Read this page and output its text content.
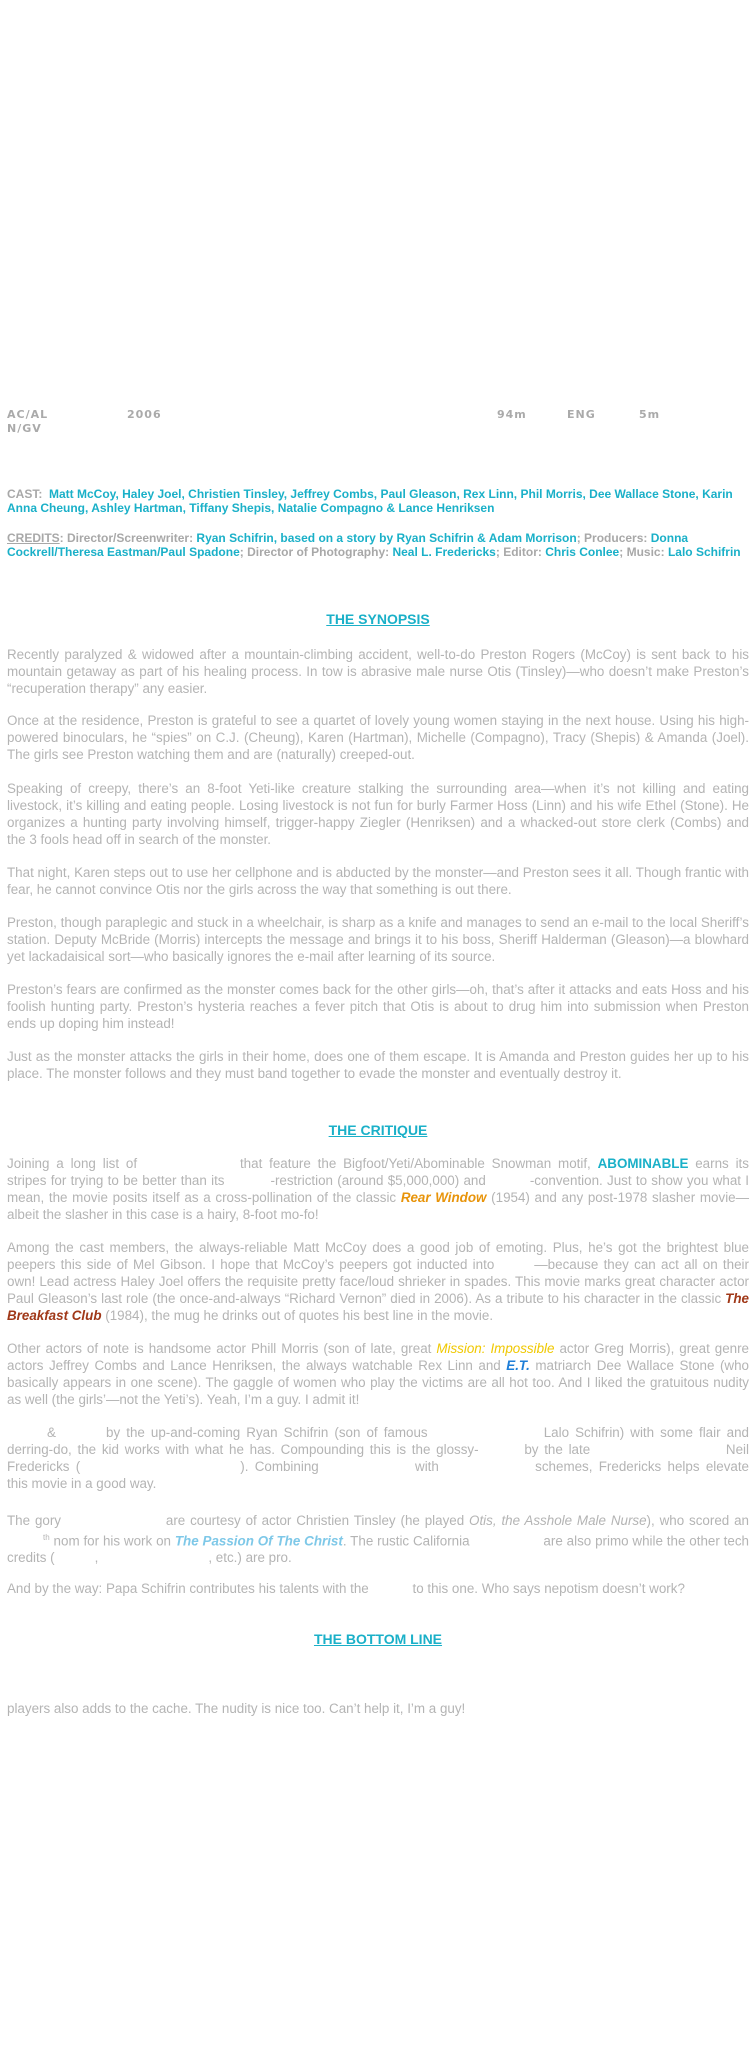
AC/AL
N/GV
2006	94m	ENG	5m
CAST: Matt McCoy, Haley Joel, Christien Tinsley, Jeffrey Combs, Paul Gleason, Rex Linn, Phil Morris, Dee Wallace Stone, Karin Anna Cheung, Ashley Hartman, Tiffany Shepis, Natalie Compagno & Lance Henriksen
CREDITS: Director/Screenwriter: Ryan Schifrin, based on a story by Ryan Schifrin & Adam Morrison; Producers: Donna Cockrell/Theresa Eastman/Paul Spadone; Director of Photography: Neal L. Fredericks; Editor: Chris Conlee; Music: Lalo Schifrin
THE SYNOPSIS

Recently paralyzed & widowed after a mountain-climbing accident, well-to-do Preston Rogers (McCoy) is sent back to his mountain getaway as part of his healing process. In tow is abrasive male nurse Otis (Tinsley)—who doesn’t make Preston’s “recuperation therapy” any easier.

Once at the residence, Preston is grateful to see a quartet of lovely young women staying in the next house. Using his high-powered binoculars, he “spies” on C.J. (Cheung), Karen (Hartman), Michelle (Compagno), Tracy (Shepis) & Amanda (Joel). The girls see Preston watching them and are (naturally) creeped-out.

Speaking of creepy, there’s an 8-foot Yeti-like creature stalking the surrounding area—when it’s not killing and eating livestock, it’s killing and eating people. Losing livestock is not fun for burly Farmer Hoss (Linn) and his wife Ethel (Stone). He organizes a hunting party involving himself, trigger-happy Ziegler (Henriksen) and a whacked-out store clerk (Combs) and the 3 fools head off in search of the monster.

That night, Karen steps out to use her cellphone and is abducted by the monster—and Preston sees it all. Though frantic with fear, he cannot convince Otis nor the girls across the way that something is out there.

Preston, though paraplegic and stuck in a wheelchair, is sharp as a knife and manages to send an e-mail to the local Sheriff’s station. Deputy McBride (Morris) intercepts the message and brings it to his boss, Sheriff Halderman (Gleason)—a blowhard yet lackadaisical sort—who basically ignores the e-mail after learning of its source.

Preston’s fears are confirmed as the monster comes back for the other girls—oh, that’s after it attacks and eats Hoss and his foolish hunting party. Preston’s hysteria reaches a fever pitch that Otis is about to drug him into submission when Preston ends up doping him instead!

Just as the monster attacks the girls in their home, does one of them escape. It is Amanda and Preston guides her up to his place. The monster follows and they must band together to evade the monster and eventually destroy it.

THE CRITIQUE

Joining a long list of	that feature the Bigfoot/Yeti/Abominable Snowman motif, ABOMINABLE earns its stripes for trying to be better than its	-restriction (around $5,000,000) and	-convention. Just to show you what I mean, the movie posits itself as a cross-pollination of the classic Rear Window (1954) and any post-1978 slasher movie—albeit the slasher in this case is a hairy, 8-foot mo-fo!

Among the cast members, the always-reliable Matt McCoy does a good job of emoting. Plus, he’s got the brightest blue peepers this side of Mel Gibson. I hope that McCoy’s peepers got inducted into	—because they can act all on their own! Lead actress Haley Joel offers the requisite pretty face/loud shrieker in spades. This movie marks great character actor Paul Gleason’s last role (the once-and-always “Richard Vernon” died in 2006). As a tribute to his character in the classic The Breakfast Club (1984), the mug he drinks out of quotes his best line in the movie.

Other actors of note is handsome actor Phill Morris (son of late, great Mission: Impossible actor Greg Morris), great genre actors Jeffrey Combs and Lance Henriksen, the always watchable Rex Linn and E.T. matriarch Dee Wallace Stone (who basically appears in one scene). The gaggle of women who play the victims are all hot too. And I liked the gratuitous nudity as well (the girls’—not the Yeti’s). Yeah, I’m a guy. I admit it!

&	by the up-and-coming Ryan Schifrin (son of famous	Lalo Schifrin) with some flair and derring-do, the kid works with what he has. Compounding this is the glossy-	by the late	Neil Fredericks (	). Combining	with	schemes, Fredericks helps elevate this movie in a good way.

The gory	are courtesy of actor Christien Tinsley (he played Otis, the Asshole Male Nurse), who scored $an^{th}$ nom for his work on The Passion Of The Christ. The rustic California	are also primo while the other tech credits (	,	, etc.) are pro.

And by the way: Papa Schifrin contributes his talents with the	to this one. Who says nepotism doesn’t work?

THE BOTTOM LINE

players also adds to the cache. The nudity is nice too. Can’t help it, I’m a guy!
